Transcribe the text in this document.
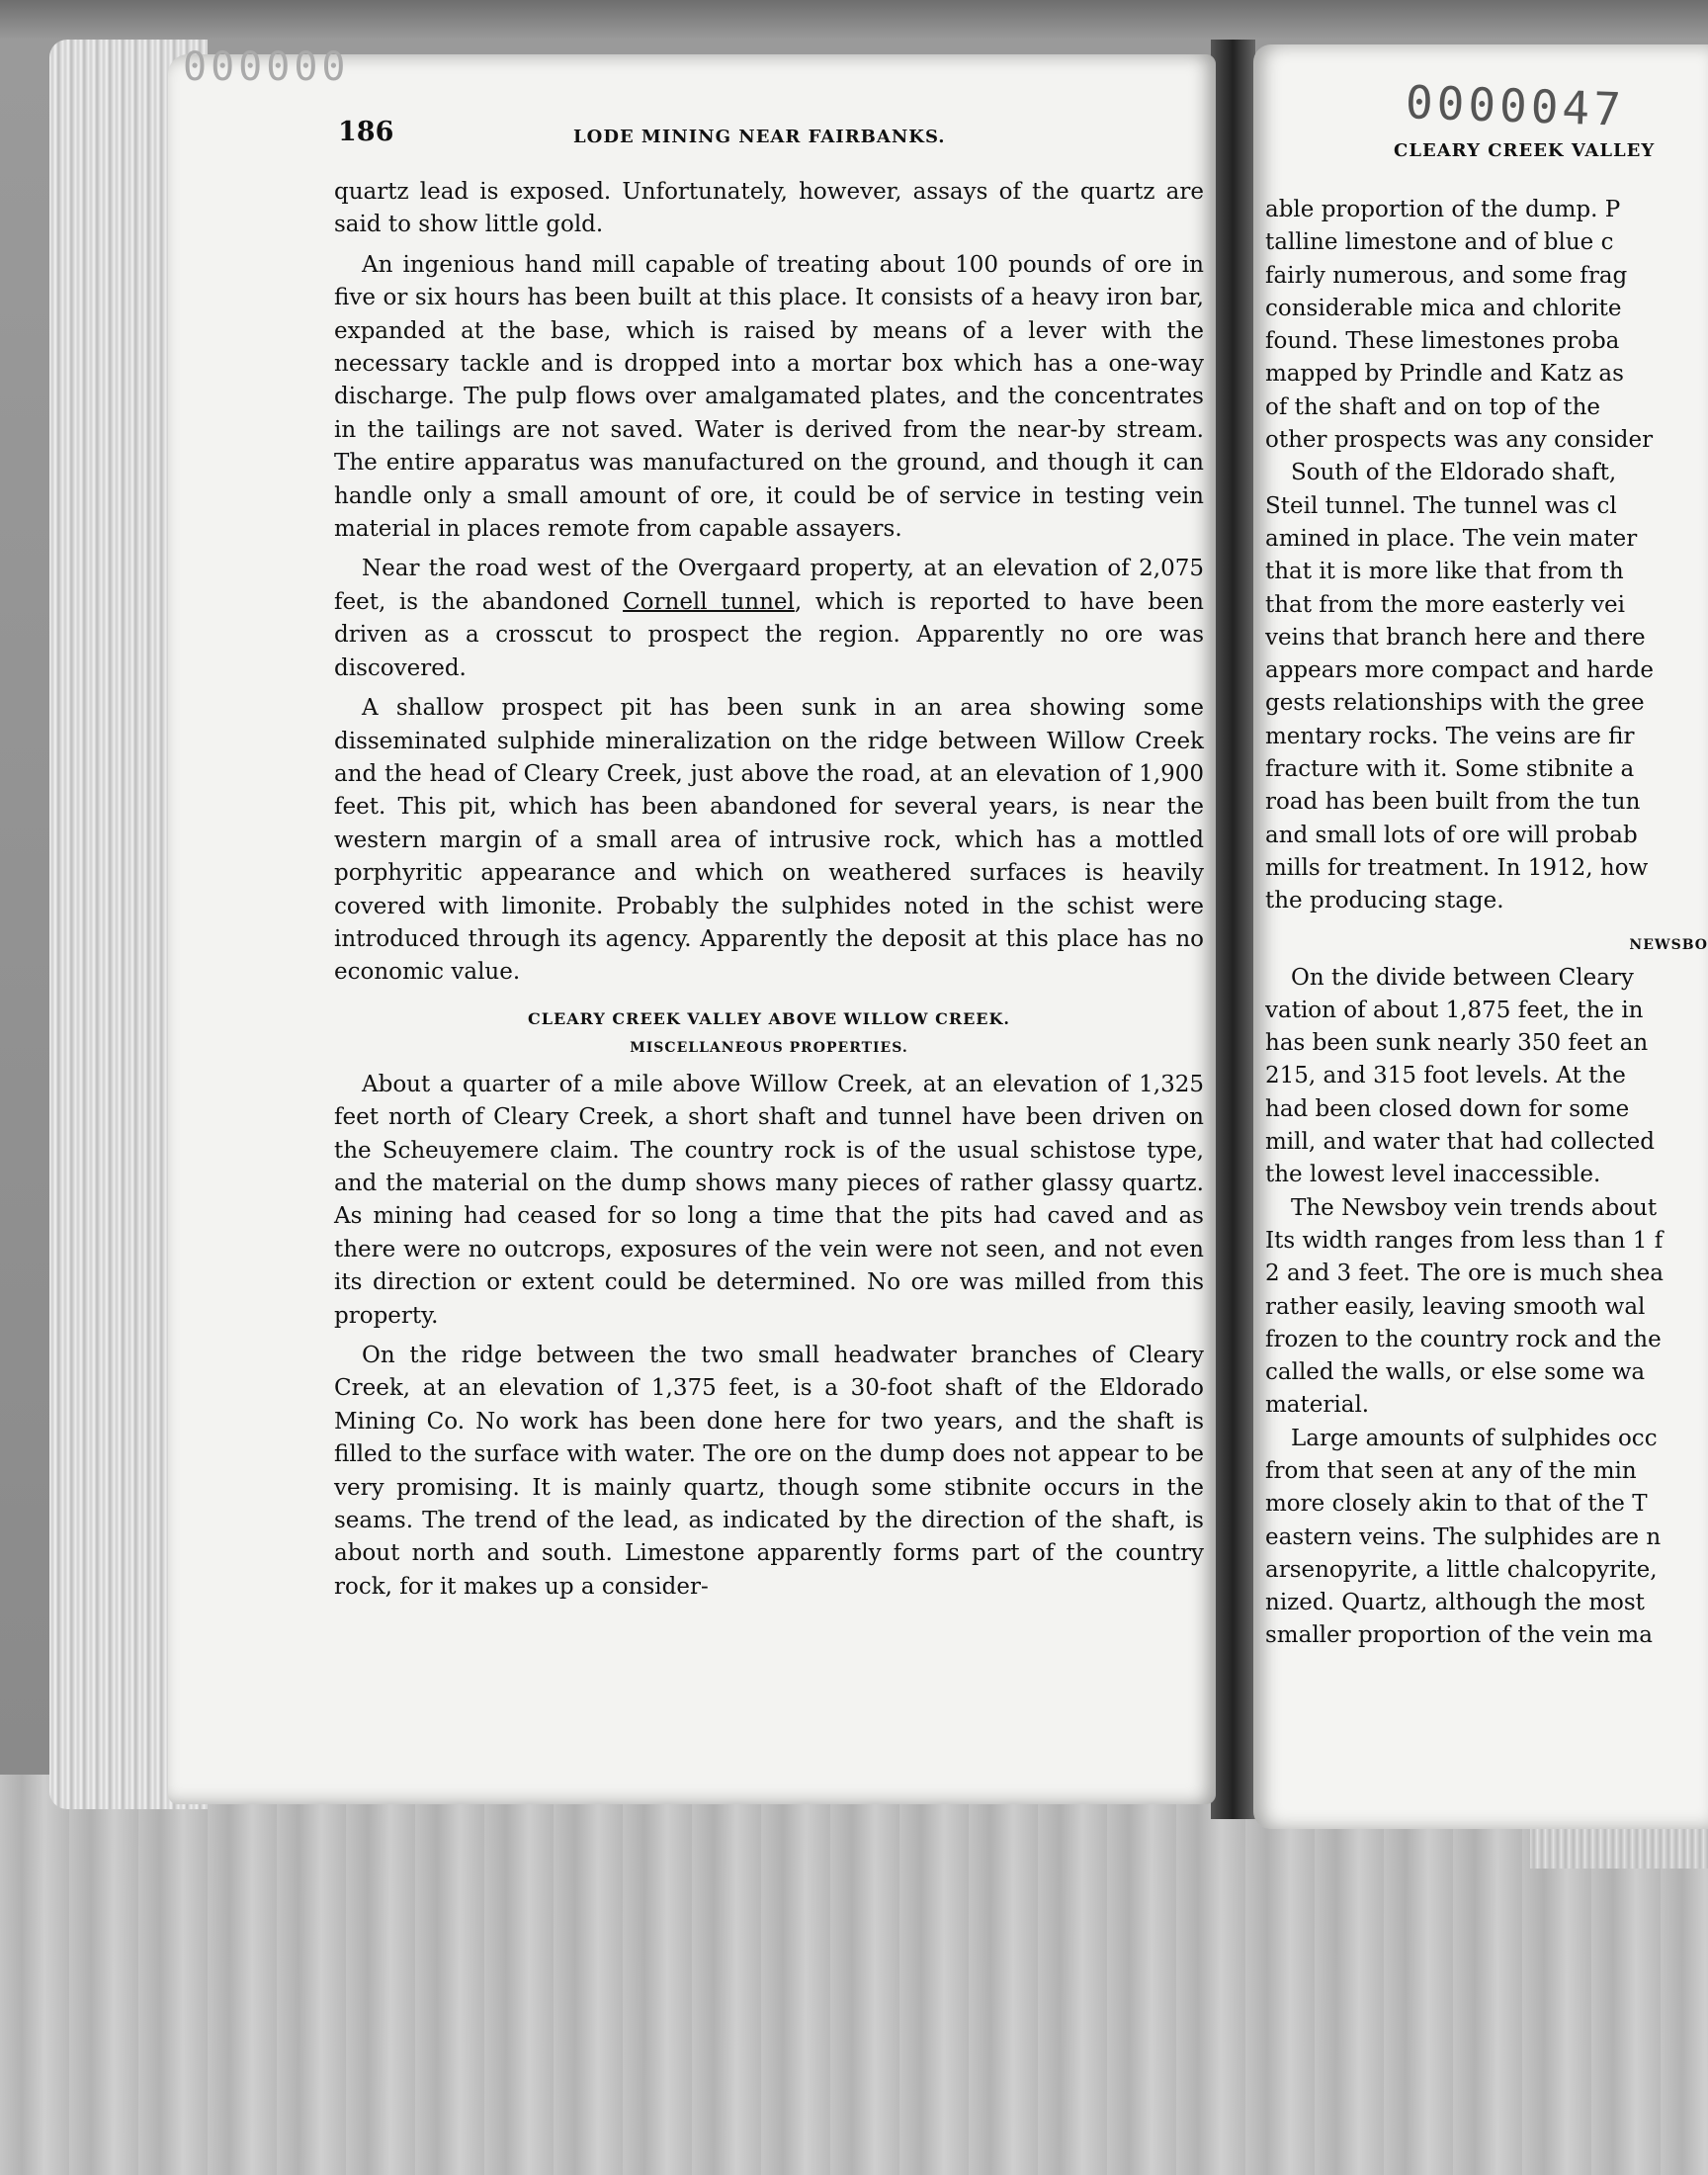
000000
0000047
186	LODE MINING NEAR FAIRBANKS.
CLEARY CREEK VALLEY

quartz lead is exposed. Unfortunately, however, assays of the quartz are said to show little gold.

An ingenious hand mill capable of treating about 100 pounds of ore in five or six hours has been built at this place. It consists of a heavy iron bar, expanded at the base, which is raised by means of a lever with the necessary tackle and is dropped into a mortar box which has a one-way discharge. The pulp flows over amalgamated plates, and the concentrates in the tailings are not saved. Water is derived from the near-by stream. The entire apparatus was manufactured on the ground, and though it can handle only a small amount of ore, it could be of service in testing vein material in places remote from capable assayers.

Near the road west of the Overgaard property, at an elevation of 2,075 feet, is the abandoned Cornell tunnel, which is reported to have been driven as a crosscut to prospect the region. Apparently no ore was discovered.

A shallow prospect pit has been sunk in an area showing some disseminated sulphide mineralization on the ridge between Willow Creek and the head of Cleary Creek, just above the road, at an elevation of 1,900 feet. This pit, which has been abandoned for several years, is near the western margin of a small area of intrusive rock, which has a mottled porphyritic appearance and which on weathered surfaces is heavily covered with limonite. Probably the sulphides noted in the schist were introduced through its agency. Apparently the deposit at this place has no economic value.

CLEARY CREEK VALLEY ABOVE WILLOW CREEK.
MISCELLANEOUS PROPERTIES.

About a quarter of a mile above Willow Creek, at an elevation of 1,325 feet north of Cleary Creek, a short shaft and tunnel have been driven on the Scheuyemere claim. The country rock is of the usual schistose type, and the material on the dump shows many pieces of rather glassy quartz. As mining had ceased for so long a time that the pits had caved and as there were no outcrops, exposures of the vein were not seen, and not even its direction or extent could be determined. No ore was milled from this property.

On the ridge between the two small headwater branches of Cleary Creek, at an elevation of 1,375 feet, is a 30-foot shaft of the Eldorado Mining Co. No work has been done here for two years, and the shaft is filled to the surface with water. The ore on the dump does not appear to be very promising. It is mainly quartz, though some stibnite occurs in the seams. The trend of the lead, as indicated by the direction of the shaft, is about north and south. Limestone apparently forms part of the country rock, for it makes up a consider-

able proportion of the dump. P
talline limestone and of blue c
fairly numerous, and some frag
considerable mica and chlorite
found. These limestones proba
mapped by Prindle and Katz as
of the shaft and on top of the
other prospects was any consider
South of the Eldorado shaft,
Steil tunnel. The tunnel was cl
amined in place. The vein mater
that it is more like that from th
that from the more easterly vei
veins that branch here and there
appears more compact and harde
gests relationships with the gree
mentary rocks. The veins are fir
fracture with it. Some stibnite a
road has been built from the tun
and small lots of ore will probab
mills for treatment. In 1912, how
the producing stage.
NEWSBO
On the divide between Cleary
vation of about 1,875 feet, the in
has been sunk nearly 350 feet an
215, and 315 foot levels. At the
had been closed down for some
mill, and water that had collected
the lowest level inaccessible.
The Newsboy vein trends about
Its width ranges from less than 1 f
2 and 3 feet. The ore is much shea
rather easily, leaving smooth wal
frozen to the country rock and the
called the walls, or else some wa
material.
Large amounts of sulphides occ
from that seen at any of the min
more closely akin to that of the T
eastern veins. The sulphides are n
arsenopyrite, a little chalcopyrite,
nized. Quartz, although the most
smaller proportion of the vein ma
